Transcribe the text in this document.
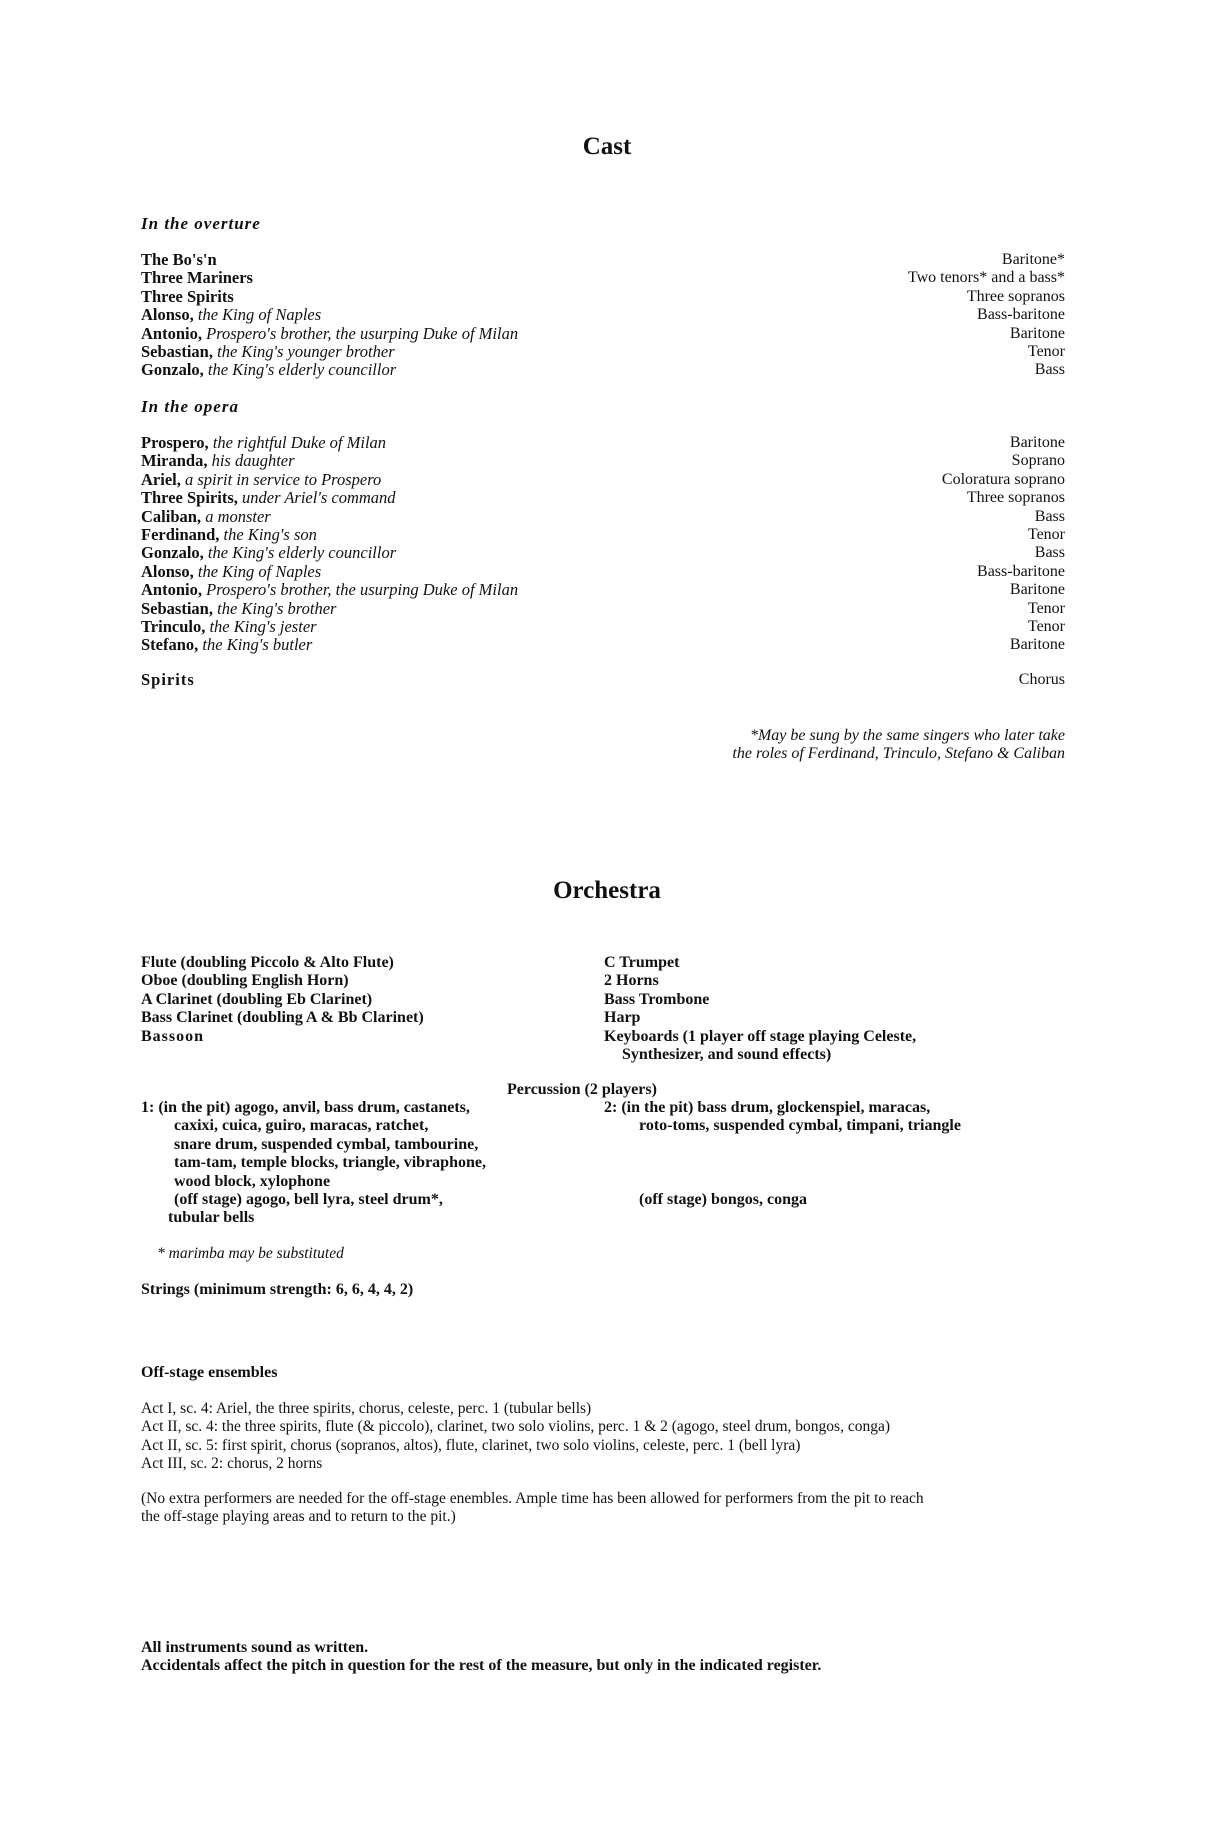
Cast
In the overture
The Bo's'n	Baritone*
Three Mariners	Two tenors* and a bass*
Three Spirits	Three sopranos
Alonso, the King of Naples	Bass-baritone
Antonio, Prospero's brother, the usurping Duke of Milan	Baritone
Sebastian, the King's younger brother	Tenor
Gonzalo, the King's elderly councillor	Bass
In the opera
Prospero, the rightful Duke of Milan	Baritone
Miranda, his daughter	Soprano
Ariel, a spirit in service to Prospero	Coloratura soprano
Three Spirits, under Ariel's command	Three sopranos
Caliban, a monster	Bass
Ferdinand, the King's son	Tenor
Gonzalo, the King's elderly councillor	Bass
Alonso, the King of Naples	Bass-baritone
Antonio, Prospero's brother, the usurping Duke of Milan	Baritone
Sebastian, the King's brother	Tenor
Trinculo, the King's jester	Tenor
Stefano, the King's butler	Baritone
Spirits	Chorus
*May be sung by the same singers who later take
the roles of Ferdinand, Trinculo, Stefano & Caliban
Orchestra
Flute (doubling Piccolo & Alto Flute)
Oboe (doubling English Horn)
A Clarinet (doubling Eb Clarinet)
Bass Clarinet (doubling A & Bb Clarinet)
Bassoon
C Trumpet
2 Horns
Bass Trombone
Harp
Keyboards (1 player off stage playing Celeste,
Synthesizer, and sound effects)
Percussion (2 players)
1: (in the pit) agogo, anvil, bass drum, castanets,
caxixi, cuica, guiro, maracas, ratchet,
snare drum, suspended cymbal, tambourine,
tam-tam, temple blocks, triangle, vibraphone,
wood block, xylophone
(off stage) agogo, bell lyra, steel drum*,
tubular bells
2: (in the pit) bass drum, glockenspiel, maracas,
roto-toms, suspended cymbal, timpani, triangle
(off stage) bongos, conga
* marimba may be substituted
Strings (minimum strength: 6, 6, 4, 4, 2)
Off-stage ensembles
Act I, sc. 4: Ariel, the three spirits, chorus, celeste, perc. 1 (tubular bells)
Act II, sc. 4: the three spirits, flute (& piccolo), clarinet, two solo violins, perc. 1 & 2 (agogo, steel drum, bongos, conga)
Act II, sc. 5: first spirit, chorus (sopranos, altos), flute, clarinet, two solo violins, celeste, perc. 1 (bell lyra)
Act III, sc. 2: chorus, 2 horns
(No extra performers are needed for the off-stage enembles. Ample time has been allowed for performers from the pit to reach
the off-stage playing areas and to return to the pit.)
All instruments sound as written.
Accidentals affect the pitch in question for the rest of the measure, but only in the indicated register.
